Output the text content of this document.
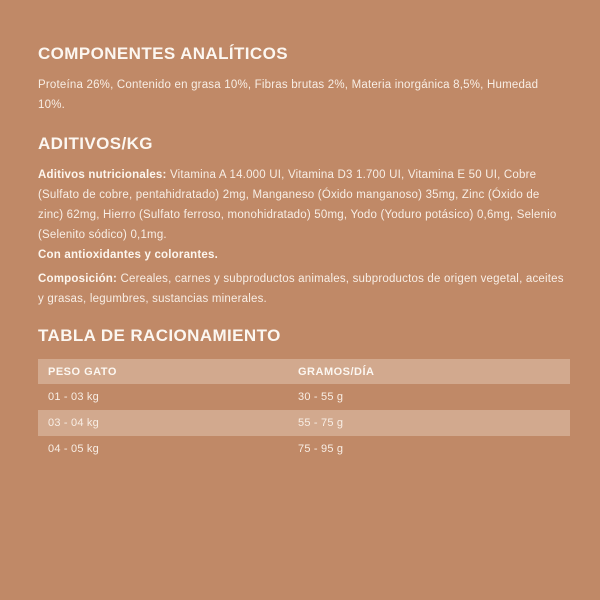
COMPONENTES ANALÍTICOS

Proteína 26%, Contenido en grasa 10%, Fibras brutas 2%, Materia inorgánica 8,5%, Humedad 10%.

ADITIVOS/KG

Aditivos nutricionales: Vitamina A 14.000 UI, Vitamina D3 1.700 UI, Vitamina E 50 UI, Cobre (Sulfato de cobre, pentahidratado) 2mg, Manganeso (Óxido manganoso) 35mg, Zinc (Óxido de zinc) 62mg, Hierro (Sulfato ferroso, monohidratado) 50mg, Yodo (Yoduro potásico) 0,6mg, Selenio (Selenito sódico) 0,1mg.

Con antioxidantes y colorantes.

Composición: Cereales, carnes y subproductos animales, subproductos de origen vegetal, aceites y grasas, legumbres, sustancias minerales.

TABLA DE RACIONAMIENTO
PESO GATO	GRAMOS/DÍA
01 - 03 kg	30 - 55 g
03 - 04 kg	55 - 75 g
04 - 05 kg	75 - 95 g
